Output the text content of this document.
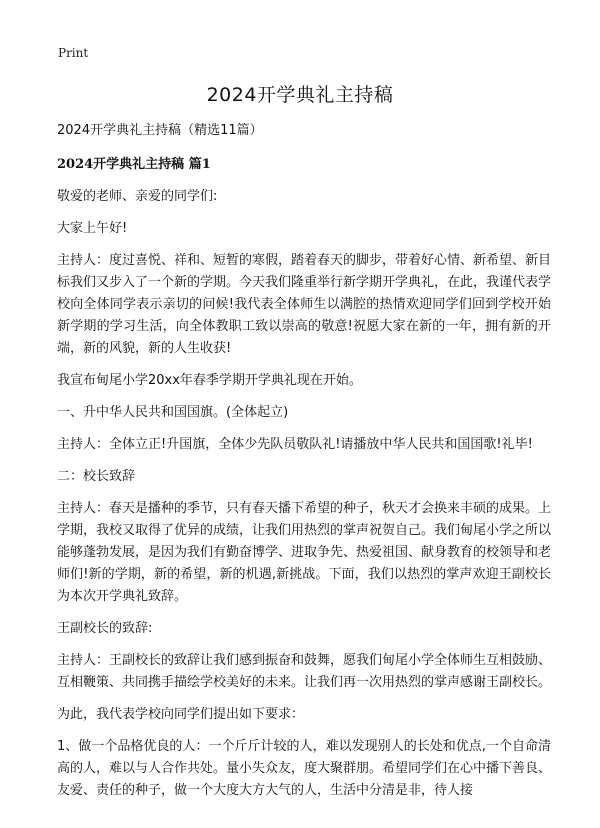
Print
2024开学典礼主持稿

2024开学典礼主持稿（精选11篇）

2024开学典礼主持稿 篇1

敬爱的老师、亲爱的同学们:

大家上午好!

主持人：度过喜悦、祥和、短暂的寒假，踏着春天的脚步，带着好心情、新希望、新目标我们又步入了一个新的学期。今天我们隆重举行新学期开学典礼，在此，我谨代表学校向全体同学表示亲切的问候!我代表全体师生以满腔的热情欢迎同学们回到学校开始新学期的学习生活，向全体教职工致以崇高的敬意!祝愿大家在新的一年，拥有新的开端，新的风貌，新的人生收获!

我宣布甸尾小学20xx年春季学期开学典礼现在开始。

一、升中华人民共和国国旗。(全体起立)

主持人：全体立正!升国旗，全体少先队员敬队礼!请播放中华人民共和国国歌!礼毕!

二：校长致辞

主持人：春天是播种的季节，只有春天播下希望的种子，秋天才会换来丰硕的成果。上学期，我校又取得了优异的成绩，让我们用热烈的掌声祝贺自己。我们甸尾小学之所以能够蓬勃发展，是因为我们有勤奋博学、进取争先、热爱祖国、献身教育的校领导和老师们!新的学期，新的希望，新的机遇,新挑战。下面，我们以热烈的掌声欢迎王副校长为本次开学典礼致辞。

王副校长的致辞:

主持人：王副校长的致辞让我们感到振奋和鼓舞，愿我们甸尾小学全体师生互相鼓励、互相鞭策、共同携手描绘学校美好的未来。让我们再一次用热烈的掌声感谢王副校长。

为此，我代表学校向同学们提出如下要求：

1、做一个品格优良的人：一个斤斤计较的人，难以发现别人的长处和优点,一个自命清高的人，难以与人合作共处。量小失众友，度大聚群朋。希望同学们在心中播下善良、友爱、责任的种子，做一个大度大方大气的人，生活中分清是非，待人接
